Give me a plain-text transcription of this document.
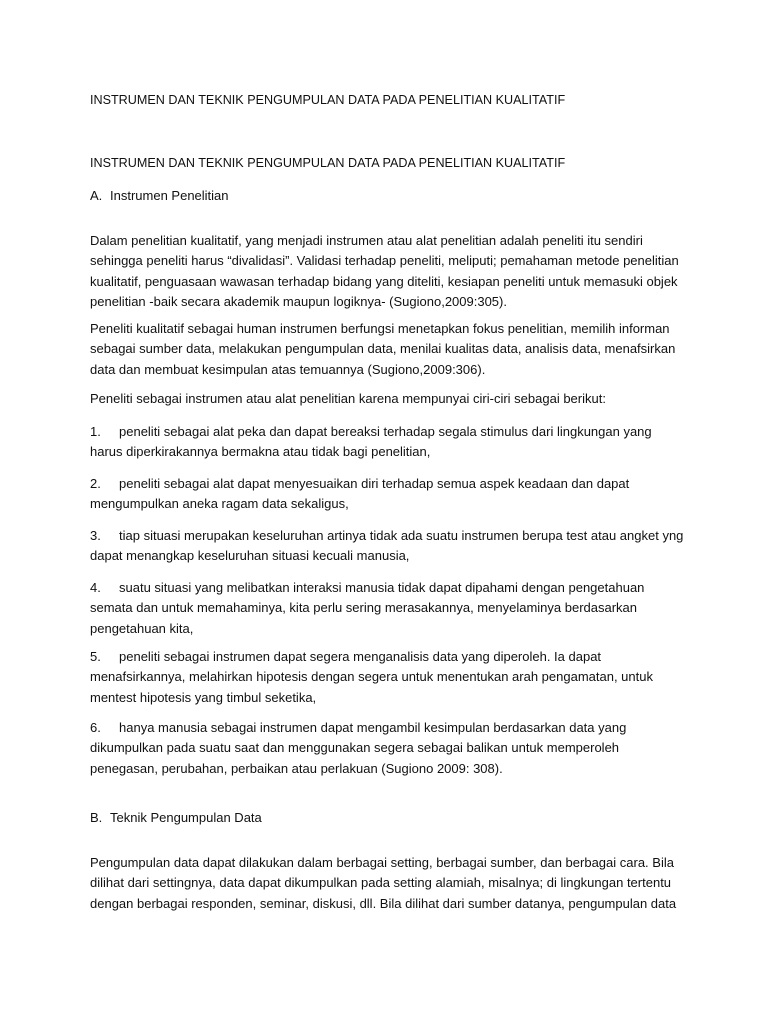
INSTRUMEN DAN TEKNIK PENGUMPULAN DATA PADA PENELITIAN KUALITATIF

INSTRUMEN DAN TEKNIK PENGUMPULAN DATA PADA PENELITIAN KUALITATIF

A. Instrumen Penelitian

Dalam penelitian kualitatif, yang menjadi instrumen atau alat penelitian adalah peneliti itu sendiri sehingga peneliti harus “divalidasi”. Validasi terhadap peneliti, meliputi; pemahaman metode penelitian kualitatif, penguasaan wawasan terhadap bidang yang diteliti, kesiapan peneliti untuk memasuki objek penelitian -baik secara akademik maupun logiknya- (Sugiono,2009:305).

Peneliti kualitatif sebagai human instrumen berfungsi menetapkan fokus penelitian, memilih informan sebagai sumber data, melakukan pengumpulan data, menilai kualitas data, analisis data, menafsirkan data dan membuat kesimpulan atas temuannya (Sugiono,2009:306).

Peneliti sebagai instrumen atau alat penelitian karena mempunyai ciri-ciri sebagai berikut:

1. peneliti sebagai alat peka dan dapat bereaksi terhadap segala stimulus dari lingkungan yang harus diperkirakannya bermakna atau tidak bagi penelitian,

2. peneliti sebagai alat dapat menyesuaikan diri terhadap semua aspek keadaan dan dapat mengumpulkan aneka ragam data sekaligus,

3. tiap situasi merupakan keseluruhan artinya tidak ada suatu instrumen berupa test atau angket yng dapat menangkap keseluruhan situasi kecuali manusia,

4. suatu situasi yang melibatkan interaksi manusia tidak dapat dipahami dengan pengetahuan semata dan untuk memahaminya, kita perlu sering merasakannya, menyelaminya berdasarkan pengetahuan kita,

5. peneliti sebagai instrumen dapat segera menganalisis data yang diperoleh. Ia dapat menafsirkannya, melahirkan hipotesis dengan segera untuk menentukan arah pengamatan, untuk mentest hipotesis yang timbul seketika,

6. hanya manusia sebagai instrumen dapat mengambil kesimpulan berdasarkan data yang dikumpulkan pada suatu saat dan menggunakan segera sebagai balikan untuk memperoleh penegasan, perubahan, perbaikan atau perlakuan (Sugiono 2009: 308).

B. Teknik Pengumpulan Data

Pengumpulan data dapat dilakukan dalam berbagai setting, berbagai sumber, dan berbagai cara. Bila dilihat dari settingnya, data dapat dikumpulkan pada setting alamiah, misalnya; di lingkungan tertentu dengan berbagai responden, seminar, diskusi, dll. Bila dilihat dari sumber datanya, pengumpulan data
